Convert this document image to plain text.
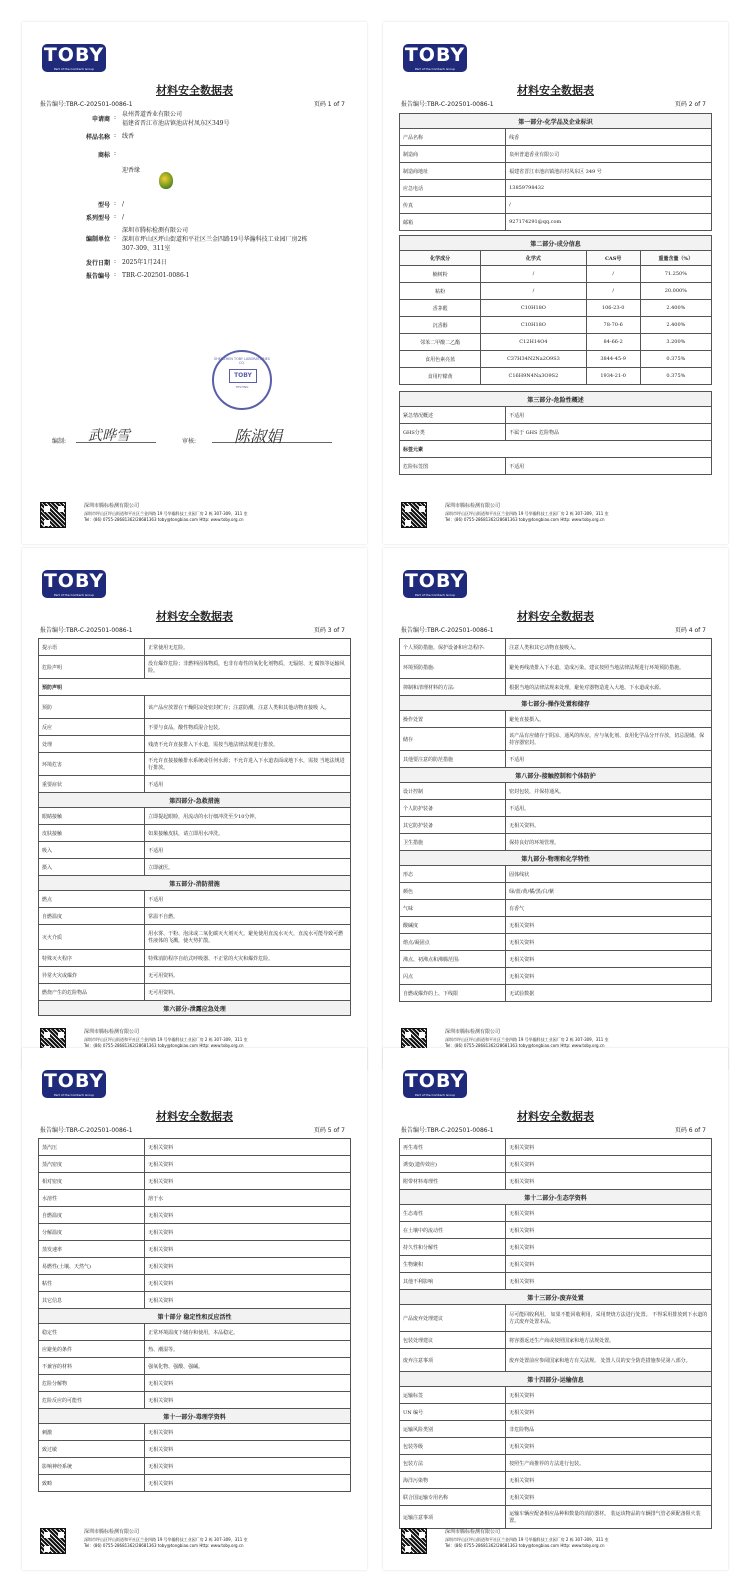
TOBY
Part of the Comtech Group
材料安全数据表
报告编号:TBR-C-202501-0086-1	页码 1 of 7
申请商 : 泉州普道香业有限公司
福建省晋江市池店镇池店村凤东区349号
样品名称 : 线香
商标 :
迎香缘
型号 : /
系列型号 : /
编制单位 :
深圳市腾标检测有限公司
深圳市坪山区坪山街道和平社区兰金四路19号华瀚科技工业园厂房2栋
307-309、311室
发行日期 : 2025年1月24日
报告编号 : TBR-C-202501-0086-1
SHENZHEN TOBY LABORATORIES CO.
TOBY
TESTING
编制: 武晔雪	审核: 陈淑娟
深圳市腾标检测有限公司
深圳市坪山区坪山街道和平社区兰金四路 19 号华瀚科技工业园厂房 2 栋 307-309、311 室
Tel：(86) 0755-28681362/28681363 toby@tongbiao.com Http: www.toby.org.cn
TOBY
Part of the Comtech Group
材料安全数据表
报告编号:TBR-C-202501-0086-1	页码 2 of 7
第一部分-化学品及企业标识	
产品名称	线香
制造商	泉州普道香业有限公司
制造商地址	福建省晋江市池店镇池店村凤东区 349 号
应急电话	13859798432
传真	/
邮箱	927174291@qq.com
第二部分-成分信息			
化学成分	化学式	CAS号	重量含量（%）
楠树粉	/	/	71.250%
粘粉	/	/	20.000%
香茅醛	C10H18O	106-23-0	2.400%
沉香醇	C10H18O	78-70-6	2.400%
邻苯二甲酸二乙酯	C12H14O4	84-66-2	3.200%
食用色素亮蓝	C37H34N2Na2O9S3	3844-45-9	0.375%
食用柠檬黄	C16H9N4Na3O9S2	1934-21-0	0.375%
第三部分-危险性概述	
紧急情况概述	不适用
GHS分类	不属于 GHS 危险物品
标签元素	
危险标签图	不适用
深圳市腾标检测有限公司
深圳市坪山区坪山街道和平社区兰金四路 19 号华瀚科技工业园厂房 2 栋 307-309、311 室
Tel：(86) 0755-28681362/28681363 toby@tongbiao.com Http: www.toby.org.cn
TOBY
Part of the Comtech Group
材料安全数据表
报告编号:TBR-C-202501-0086-1	页码 3 of 7
提示语	正常使用无危险。
危险声明	没有爆炸危险；非燃料固体物质，也非有毒性的氧化化剂物质，无辐射、无 腐蚀等运输风险。
预防声明	
预防	该产品应放置在干燥阴凉处密封贮存；注意防潮，注意人类和其他动物直接吸 入。
反应	不要与食品，酸性物质混合包装。
处理	残渣不允许直接排入下水道，需按当地法律法规进行排放。
环境危害	不允许直接接触排水系统或任何水源；不允许进入下水道表面或地下水，需按 当地法规进行排放。
重要症状	不适用
第四部分-急救措施	
眼睛接触	立即提起眼睑，用流动的水行细冲洗至少10分钟。
皮肤接触	如果接触皮肤，请立即用水冲洗。
吸入	不适用
摄入	立即就医。
第五部分-消防措施	
燃点	不适用
自燃温度	常温不自燃。
灭火介质	用水雾、干粉、泡沫或二氧化碳灭火剂灭火。避免使用直流水灭火，直流水可能导致可燃性液体的飞溅，使火势扩散。
特殊灭火程序	特殊消防程序自给式呼吸器、不正常的火灾和爆炸危险。
异常火灾或爆炸	无可用资料。
燃烧产生的危险物品	无可用资料。
第六部分-泄露应急处理	
深圳市腾标检测有限公司
深圳市坪山区坪山街道和平社区兰金四路 19 号华瀚科技工业园厂房 2 栋 307-309、311 室
Tel：(86) 0755-28681362/28681363 toby@tongbiao.com Http: www.toby.org.cn
TOBY
Part of the Comtech Group
材料安全数据表
报告编号:TBR-C-202501-0086-1	页码 4 of 7
个人预防措施、保护设备和应急程序:	注意人类和其它动物直接吸入。
环境预防措施:	避免再线渣排入下水道，造成污染。建议按照当地法律法规进行环境预防措施。
抑制和清理材料的方法:	根据当地的法律法规来处理，避免对器物造进入大地、下水道或水源。
第七部分-操作处置和储存	
操作处置	避免直接摄入。
储存	该产品有应储存于阴凉、通风的库房。应与氧化剂、食用化学品分开存放，切忌混储，保持容器密封。
其他要注意的防范措施	不适用
第八部分-接触控制和个体防护	
设计控制	密封包装，并保持通风。
个人防护装备	不适用。
其它防护装备	无相关资料。
卫生措施	保持良好的环境管理。
第九部分-物理和化学特性	
形态	固体线状
颜色	绿/蓝/黄/橘/黑/白/紫
气味	有香气
酸碱度	无相关资料
熔点/凝固点	无相关资料
沸点、初沸点和沸腾范围:	无相关资料
闪点	无相关资料
自燃或爆炸的上、下线限	无试验数据
深圳市腾标检测有限公司
深圳市坪山区坪山街道和平社区兰金四路 19 号华瀚科技工业园厂房 2 栋 307-309、311 室
Tel：(86) 0755-28681362/28681363 toby@tongbiao.com Http: www.toby.org.cn
TOBY
Part of the Comtech Group
材料安全数据表
报告编号:TBR-C-202501-0086-1	页码 5 of 7
蒸汽压	无相关资料
蒸汽密度	无相关资料
相对密度	无相关资料
水溶性	溶于水
自燃温度	无相关资料
分解温度	无相关资料
蒸发速率	无相关资料
易燃性(土壤、天然气)	无相关资料
粘性	无相关资料
其它信息	无相关资料
第十部分 稳定性和反应活性	
稳定性	正常环境温度下储存和使用，本品稳定。
应避免的条件	热、潮湿等。
不兼容的材料	强氧化物、强酸、强碱。
危险分解物	无相关资料
危险反应的可能性	无相关资料
第十一部分-毒理学资料	
刺激	无相关资料
致过敏	无相关资料
影响神经系统	无相关资料
致畸	无相关资料
深圳市腾标检测有限公司
深圳市坪山区坪山街道和平社区兰金四路 19 号华瀚科技工业园厂房 2 栋 307-309、311 室
Tel：(86) 0755-28681362/28681363 toby@tongbiao.com Http: www.toby.org.cn
TOBY
Part of the Comtech Group
材料安全数据表
报告编号:TBR-C-202501-0086-1	页码 6 of 7
再生毒性	无相关资料
诱变(遗传效应)	无相关资料
附带材料毒理性	无相关资料
第十二部分-生态学资料	
生态毒性	无相关资料
在土壤中的流动性	无相关资料
持久性和分解性	无相关资料
生物聚积	无相关资料
其他不利影响	无相关资料
第十三部分-废弃处置	
产品废弃处理建议	尽可能回收利用。 如果不能回收利用，采用焚烧方法进行处置。 不得采用排放到下水道的方式废弃处置本品。
包装处理建议	将容器返还生产商或按照国家和地方法规处置。
废弃注意事项	废弃处置前应参阅国家和地方有关法规。 处置人员的安全防范措施参见第八部分。
第十四部分-运输信息	
运输标签	无相关资料
UN 编号	无相关资料
运输风险类别	非危险物品
包装等级	无相关资料
包装方法	按照生产商推荐的方法进行包装。
海洋污染物	无相关资料
联合国运输专用名称	无相关资料
运输注意事项	运输车辆应配备相应品种和数量的消防器材。 装运该物品的车辆排气管必须配备阻火装置。
深圳市腾标检测有限公司
深圳市坪山区坪山街道和平社区兰金四路 19 号华瀚科技工业园厂房 2 栋 307-309、311 室
Tel：(86) 0755-28681362/28681363 toby@tongbiao.com Http: www.toby.org.cn
